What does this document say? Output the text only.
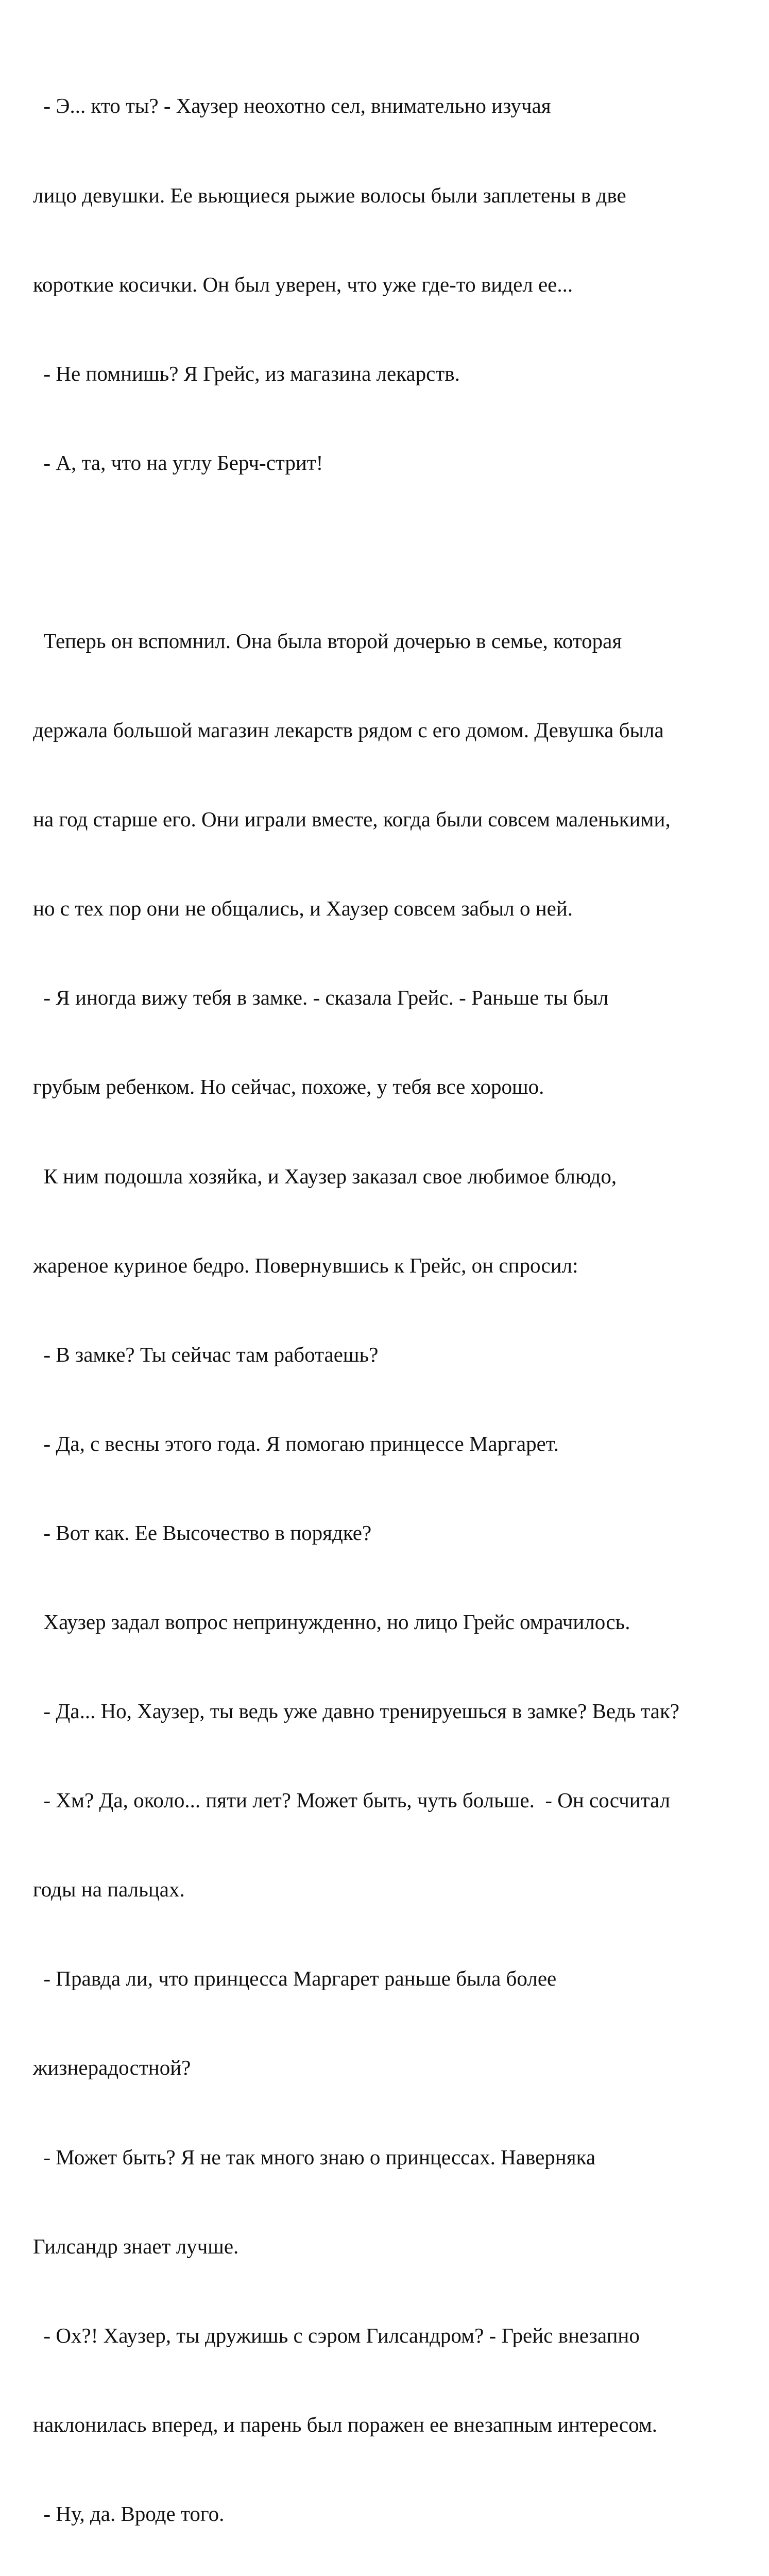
- Э... кто ты? - Хаузер неохотно сел, внимательно изучая

лицо девушки. Ее вьющиеся рыжие волосы были заплетены в две

короткие косички. Он был уверен, что уже где-то видел ее...

- Не помнишь? Я Грейс, из магазина лекарств.

- А, та, что на углу Берч-стрит!

Теперь он вспомнил. Она была второй дочерью в семье, которая

держала большой магазин лекарств рядом с его домом. Девушка была

на год старше его. Они играли вместе, когда были совсем маленькими,

но с тех пор они не общались, и Хаузер совсем забыл о ней.

- Я иногда вижу тебя в замке. - сказала Грейс. - Раньше ты был

грубым ребенком. Но сейчас, похоже, у тебя все хорошо.

К ним подошла хозяйка, и Хаузер заказал свое любимое блюдо,

жареное куриное бедро. Повернувшись к Грейс, он спросил:

- В замке? Ты сейчас там работаешь?

- Да, с весны этого года. Я помогаю принцессе Маргарет.

- Вот как. Ее Высочество в порядке?

Хаузер задал вопрос непринужденно, но лицо Грейс омрачилось.

- Да... Но, Хаузер, ты ведь уже давно тренируешься в замке? Ведь так?

- Хм? Да, около... пяти лет? Может быть, чуть больше.  - Он сосчитал

годы на пальцах.

- Правда ли, что принцесса Маргарет раньше была более

жизнерадостной?

- Может быть? Я не так много знаю о принцессах. Наверняка

Гилсандр знает лучше.

- Ох?! Хаузер, ты дружишь с сэром Гилсандром? - Грейс внезапно

наклонилась вперед, и парень был поражен ее внезапным интересом.

- Ну, да. Вроде того.
